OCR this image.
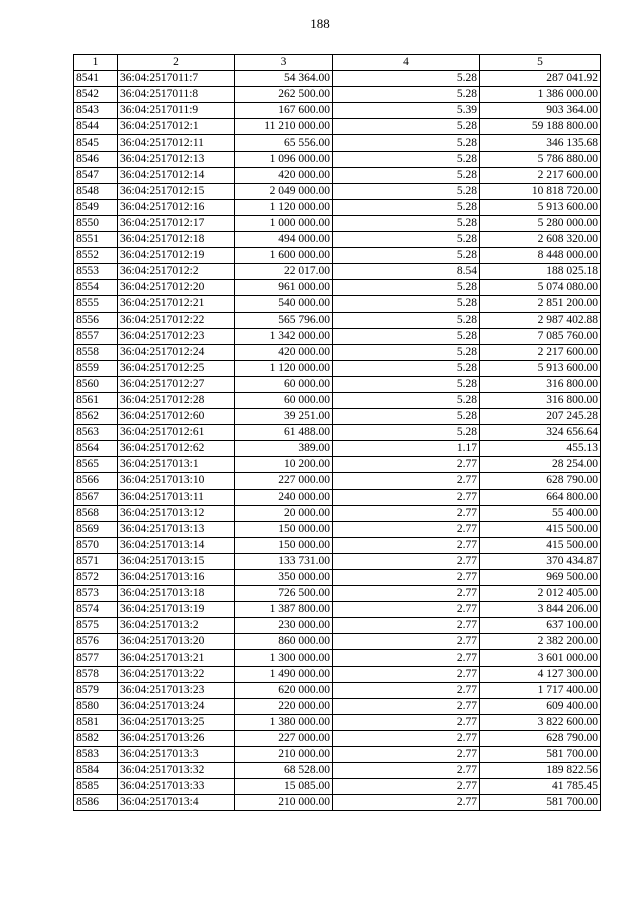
188
1	2	3	4	5
8541	36:04:2517011:7	54 364.00	5.28	287 041.92
8542	36:04:2517011:8	262 500.00	5.28	1 386 000.00
8543	36:04:2517011:9	167 600.00	5.39	903 364.00
8544	36:04:2517012:1	11 210 000.00	5.28	59 188 800.00
8545	36:04:2517012:11	65 556.00	5.28	346 135.68
8546	36:04:2517012:13	1 096 000.00	5.28	5 786 880.00
8547	36:04:2517012:14	420 000.00	5.28	2 217 600.00
8548	36:04:2517012:15	2 049 000.00	5.28	10 818 720.00
8549	36:04:2517012:16	1 120 000.00	5.28	5 913 600.00
8550	36:04:2517012:17	1 000 000.00	5.28	5 280 000.00
8551	36:04:2517012:18	494 000.00	5.28	2 608 320.00
8552	36:04:2517012:19	1 600 000.00	5.28	8 448 000.00
8553	36:04:2517012:2	22 017.00	8.54	188 025.18
8554	36:04:2517012:20	961 000.00	5.28	5 074 080.00
8555	36:04:2517012:21	540 000.00	5.28	2 851 200.00
8556	36:04:2517012:22	565 796.00	5.28	2 987 402.88
8557	36:04:2517012:23	1 342 000.00	5.28	7 085 760.00
8558	36:04:2517012:24	420 000.00	5.28	2 217 600.00
8559	36:04:2517012:25	1 120 000.00	5.28	5 913 600.00
8560	36:04:2517012:27	60 000.00	5.28	316 800.00
8561	36:04:2517012:28	60 000.00	5.28	316 800.00
8562	36:04:2517012:60	39 251.00	5.28	207 245.28
8563	36:04:2517012:61	61 488.00	5.28	324 656.64
8564	36:04:2517012:62	389.00	1.17	455.13
8565	36:04:2517013:1	10 200.00	2.77	28 254.00
8566	36:04:2517013:10	227 000.00	2.77	628 790.00
8567	36:04:2517013:11	240 000.00	2.77	664 800.00
8568	36:04:2517013:12	20 000.00	2.77	55 400.00
8569	36:04:2517013:13	150 000.00	2.77	415 500.00
8570	36:04:2517013:14	150 000.00	2.77	415 500.00
8571	36:04:2517013:15	133 731.00	2.77	370 434.87
8572	36:04:2517013:16	350 000.00	2.77	969 500.00
8573	36:04:2517013:18	726 500.00	2.77	2 012 405.00
8574	36:04:2517013:19	1 387 800.00	2.77	3 844 206.00
8575	36:04:2517013:2	230 000.00	2.77	637 100.00
8576	36:04:2517013:20	860 000.00	2.77	2 382 200.00
8577	36:04:2517013:21	1 300 000.00	2.77	3 601 000.00
8578	36:04:2517013:22	1 490 000.00	2.77	4 127 300.00
8579	36:04:2517013:23	620 000.00	2.77	1 717 400.00
8580	36:04:2517013:24	220 000.00	2.77	609 400.00
8581	36:04:2517013:25	1 380 000.00	2.77	3 822 600.00
8582	36:04:2517013:26	227 000.00	2.77	628 790.00
8583	36:04:2517013:3	210 000.00	2.77	581 700.00
8584	36:04:2517013:32	68 528.00	2.77	189 822.56
8585	36:04:2517013:33	15 085.00	2.77	41 785.45
8586	36:04:2517013:4	210 000.00	2.77	581 700.00
